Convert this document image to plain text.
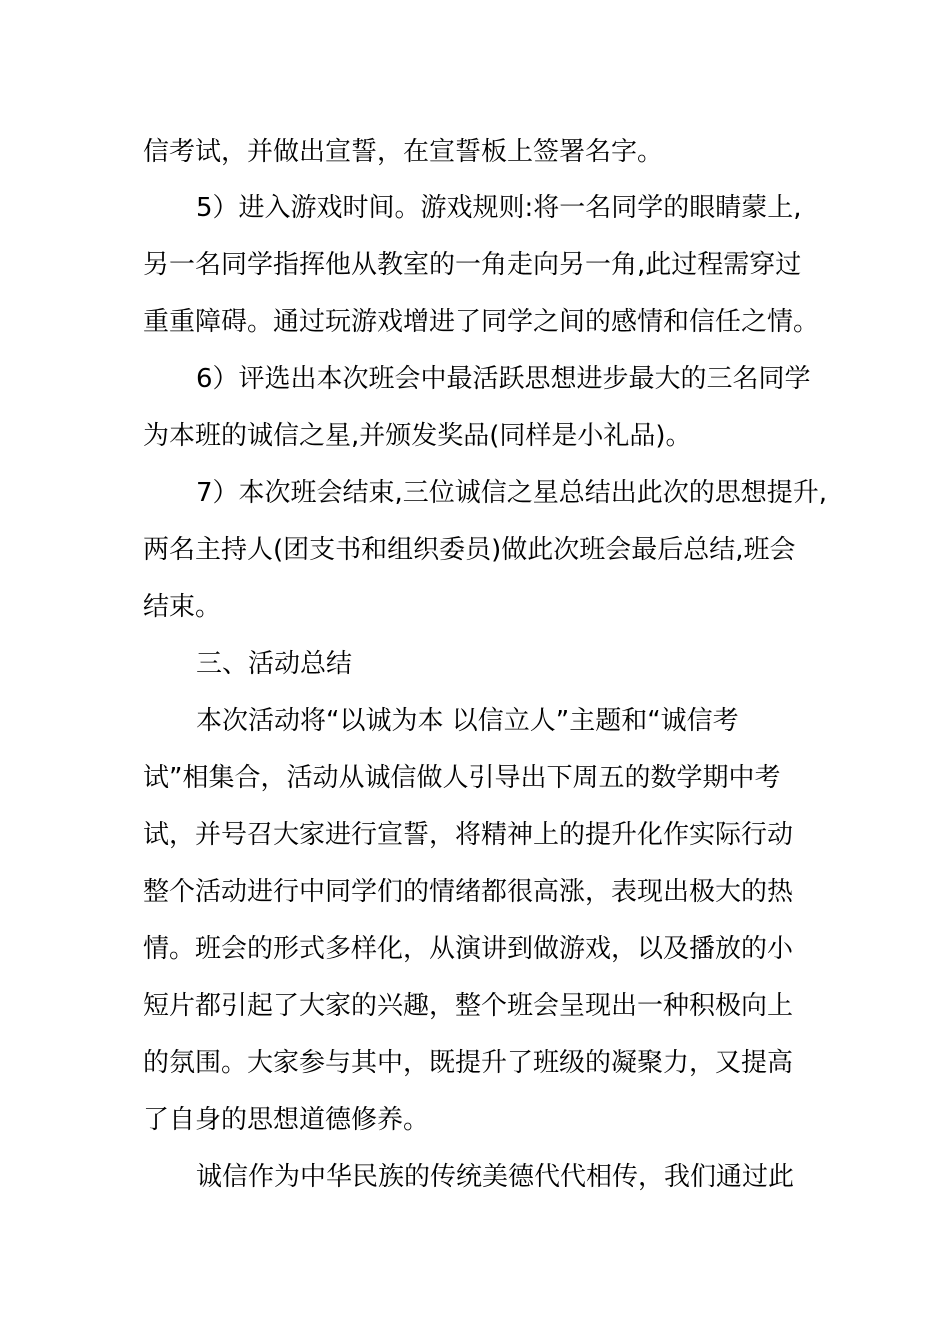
信考试，并做出宣誓，在宣誓板上签署名字。
5）进入游戏时间。游戏规则:将一名同学的眼睛蒙上,
另一名同学指挥他从教室的一角走向另一角,此过程需穿过
重重障碍。通过玩游戏增进了同学之间的感情和信任之情。
6）评选出本次班会中最活跃思想进步最大的三名同学
为本班的诚信之星,并颁发奖品(同样是小礼品)。
7）本次班会结束,三位诚信之星总结出此次的思想提升,
两名主持人(团支书和组织委员)做此次班会最后总结,班会
结束。
三、活动总结
本次活动将“以诚为本 以信立人”主题和“诚信考
试”相集合，活动从诚信做人引导出下周五的数学期中考
试，并号召大家进行宣誓，将精神上的提升化作实际行动
整个活动进行中同学们的情绪都很高涨，表现出极大的热
情。班会的形式多样化，从演讲到做游戏，以及播放的小
短片都引起了大家的兴趣，整个班会呈现出一种积极向上
的氛围。大家参与其中，既提升了班级的凝聚力，又提高
了自身的思想道德修养。
诚信作为中华民族的传统美德代代相传，我们通过此
